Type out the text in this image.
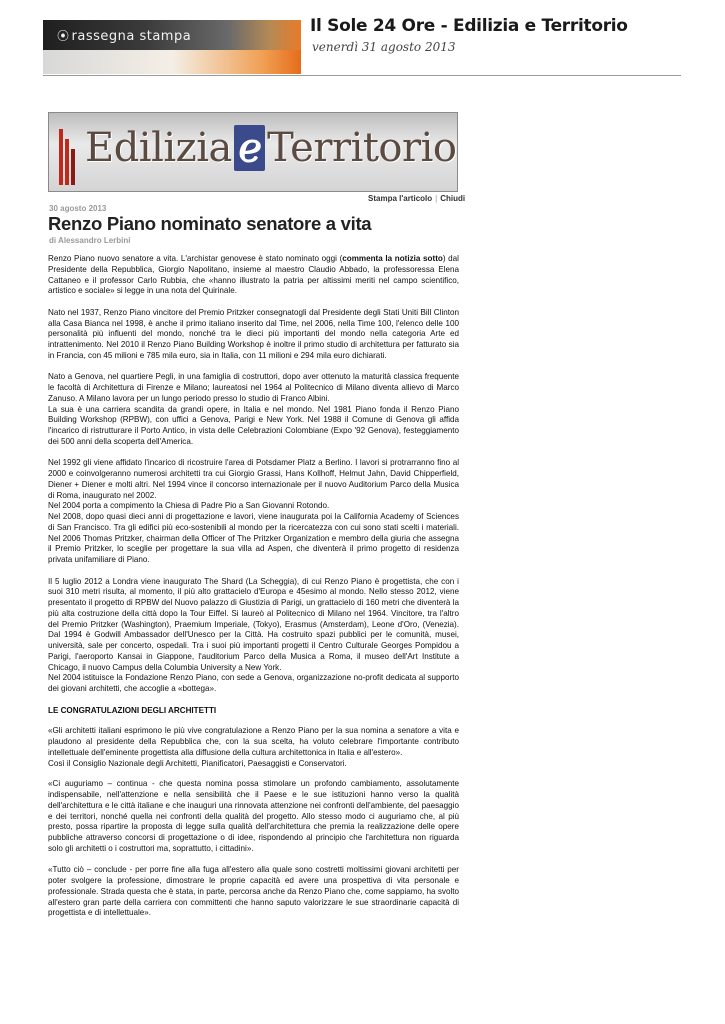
⦿ rassegna stampa
Il Sole 24 Ore - Edilizia e Territorio
venerdì 31 agosto 2013
Edilizia e Territorio
Stampa l'articolo | Chiudi
30 agosto 2013
Renzo Piano nominato senatore a vita
di Alessandro Lerbini

Renzo Piano nuovo senatore a vita. L'archistar genovese è stato nominato oggi (commenta la notizia sotto) dal Presidente della Repubblica, Giorgio Napolitano, insieme al maestro Claudio Abbado, la professoressa Elena Cattaneo e il professor Carlo Rubbia, che «hanno illustrato la patria per altissimi meriti nel campo scientifico, artistico e sociale» si legge in una nota del Quirinale.

Nato nel 1937, Renzo Piano vincitore del Premio Pritzker consegnatogli dal Presidente degli Stati Uniti Bill Clinton alla Casa Bianca nel 1998, è anche il primo italiano inserito dal Time, nel 2006, nella Time 100, l'elenco delle 100 personalità più influenti del mondo, nonché tra le dieci più importanti del mondo nella categoria Arte ed intrattenimento. Nel 2010 il Renzo Piano Building Workshop è inoltre il primo studio di architettura per fatturato sia in Francia, con 45 milioni e 785 mila euro, sia in Italia, con 11 milioni e 294 mila euro dichiarati.

Nato a Genova, nel quartiere Pegli, in una famiglia di costruttori, dopo aver ottenuto la maturità classica frequente le facoltà di Architettura di Firenze e Milano; laureatosi nel 1964 al Politecnico di Milano diventa allievo di Marco Zanuso. A Milano lavora per un lungo periodo presso lo studio di Franco Albini.

La sua è una carriera scandita da grandi opere, in Italia e nel mondo. Nel 1981 Piano fonda il Renzo Piano Building Workshop (RPBW), con uffici a Genova, Parigi e New York. Nel 1988 il Comune di Genova gli affida l'incarico di ristrutturare il Porto Antico, in vista delle Celebrazioni Colombiane (Expo '92 Genova), festeggiamento dei 500 anni della scoperta dell'America.

Nel 1992 gli viene affidato l'incarico di ricostruire l'area di Potsdamer Platz a Berlino. I lavori si protrarranno fino al 2000 e coinvolgeranno numerosi architetti tra cui Giorgio Grassi, Hans Kollhoff, Helmut Jahn, David Chipperfield, Diener + Diener e molti altri. Nel 1994 vince il concorso internazionale per il nuovo Auditorium Parco della Musica di Roma, inaugurato nel 2002.

Nel 2004 porta a compimento la Chiesa di Padre Pio a San Giovanni Rotondo.

Nel 2008, dopo quasi dieci anni di progettazione e lavori, viene inaugurata poi la California Academy of Sciences di San Francisco. Tra gli edifici più eco-sostenibili al mondo per la ricercatezza con cui sono stati scelti i materiali. Nel 2006 Thomas Pritzker, chairman della Officer of The Pritzker Organization e membro della giuria che assegna il Premio Pritzker, lo sceglie per progettare la sua villa ad Aspen, che diventerà il primo progetto di residenza privata unifamiliare di Piano.

Il 5 luglio 2012 a Londra viene inaugurato The Shard (La Scheggia), di cui Renzo Piano è progettista, che con i suoi 310 metri risulta, al momento, il più alto grattacielo d'Europa e 45esimo al mondo. Nello stesso 2012, viene presentato il progetto di RPBW del Nuovo palazzo di Giustizia di Parigi, un grattacielo di 160 metri che diventerà la più alta costruzione della città dopo la Tour Eiffel. Si laureò al Politecnico di Milano nel 1964. Vincitore, tra l'altro del Premio Pritzker (Washington), Praemium Imperiale, (Tokyo), Erasmus (Amsterdam), Leone d'Oro, (Venezia). Dal 1994 è Godwill Ambassador dell'Unesco per la Città. Ha costruito spazi pubblici per le comunità, musei, università, sale per concerto, ospedali. Tra i suoi più importanti progetti il Centro Culturale Georges Pompidou a Parigi, l'aeroporto Kansai in Giappone, l'auditorium Parco della Musica a Roma, il museo dell'Art Institute a Chicago, il nuovo Campus della Columbia University a New York.

Nel 2004 istituisce la Fondazione Renzo Piano, con sede a Genova, organizzazione no-profit dedicata al supporto dei giovani architetti, che accoglie a «bottega».

LE CONGRATULAZIONI DEGLI ARCHITETTI

«Gli architetti italiani esprimono le più vive congratulazione a Renzo Piano per la sua nomina a senatore a vita e plaudono al presidente della Repubblica che, con la sua scelta, ha voluto celebrare l'importante contributo intellettuale dell'eminente progettista alla diffusione della cultura architettonica in Italia e all'estero».

Così il Consiglio Nazionale degli Architetti, Pianificatori, Paesaggisti e Conservatori.

«Ci auguriamo – continua - che questa nomina possa stimolare un profondo cambiamento, assolutamente indispensabile, nell'attenzione e nella sensibilità che il Paese e le sue istituzioni hanno verso la qualità dell'architettura e le città italiane e che inauguri una rinnovata attenzione nei confronti dell'ambiente, del paesaggio e dei territori, nonché quella nei confronti della qualità del progetto. Allo stesso modo ci auguriamo che, al più presto, possa ripartire la proposta di legge sulla qualità dell'architettura che premia la realizzazione delle opere pubbliche attraverso concorsi di progettazione o di idee, rispondendo al principio che l'architettura non riguarda solo gli architetti o i costruttori ma, soprattutto, i cittadini».

«Tutto ciò – conclude - per porre fine alla fuga all'estero alla quale sono costretti moltissimi giovani architetti per poter svolgere la professione, dimostrare le proprie capacità ed avere una prospettiva di vita personale e professionale. Strada questa che è stata, in parte, percorsa anche da Renzo Piano che, come sappiamo, ha svolto all'estero gran parte della carriera con committenti che hanno saputo valorizzare le sue straordinarie capacità di progettista e di intellettuale».
